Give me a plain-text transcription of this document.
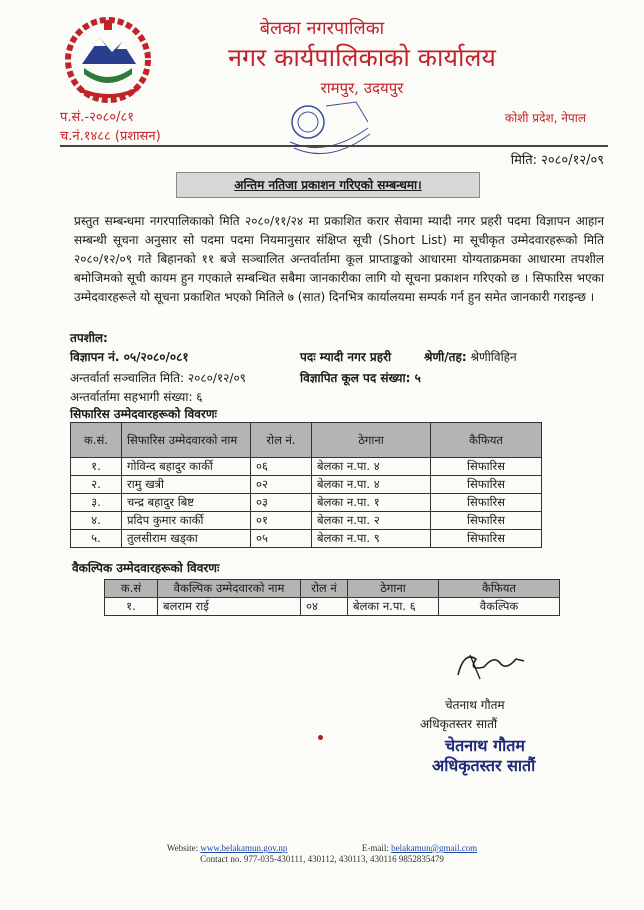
बेलका नगरपालिका
नगर कार्यपालिकाको कार्यालय
रामपुर, उदयपुर
प.सं.-२०८०/८१
च.नं.१४८८ (प्रशासन)
कोशी प्रदेश, नेपाल
मिति: २०८०/१२/०९
अन्तिम नतिजा प्रकाशन गरिएको सम्बन्धमा।
प्रस्तुत सम्बन्धमा नगरपालिकाको मिति २०८०/११/२४ मा प्रकाशित करार सेवामा म्यादी नगर प्रहरी पदमा विज्ञापन आहान सम्बन्धी सूचना अनुसार सो पदमा पदमा नियमानुसार संक्षिप्त सूची (Short List) मा सूचीकृत उम्मेदवारहरूको मिति २०८०/१२/०९ गते बिहानको ११ बजे सञ्चालित अन्तर्वार्तामा कूल प्राप्ताङ्कको आधारमा योग्यताक्रमका आधारमा तपशील बमोजिमको सूची कायम हुन गएकाले सम्बन्धित सबैमा जानकारीका लागि यो सूचना प्रकाशन गरिएको छ । सिफारिस भएका उम्मेदवारहरूले यो सूचना प्रकाशित भएको मितिले ७ (सात) दिनभित्र कार्यालयमा सम्पर्क गर्न हुन समेत जानकारी गराइन्छ ।
तपशील:
विज्ञापन नं. ०५/२०८०/०८१	पदः म्यादी नगर प्रहरी	श्रेणी/तह: श्रेणीविहिन
अन्तर्वार्ता सञ्चालित मिति: २०८०/१२/०९	विज्ञापित कूल पद संख्या: ५
अन्तर्वार्तामा सहभागी संख्या: ६
सिफारिस उम्मेदवारहरूको विवरणः
क.सं.	सिफारिस उम्मेदवारको नाम	रोल नं.	ठेगाना	कैफियत
१.	गोविन्द बहादुर कार्की	०६	बेलका न.पा. ४	सिफारिस
२.	रामु खत्री	०२	बेलका न.पा. ४	सिफारिस
३.	चन्द्र बहादुर बिष्ट	०३	बेलका न.पा. १	सिफारिस
४.	प्रदिप कुमार कार्की	०१	बेलका न.पा. २	सिफारिस
५.	तुलसीराम खड्का	०५	बेलका न.पा. ९	सिफारिस
वैकल्पिक उम्मेदवारहरूको विवरणः
क.सं	वैकल्पिक उम्मेदवारको नाम	रोल नं	ठेगाना	कैफियत
१.	बलराम राई	०४	बेलका न.पा. ६	वैकल्पिक
चेतनाथ गौतम
अधिकृतस्तर सातौं
चेतनाथ गौतम
अधिकृतस्तर सातौं
Website: www.belakamun.gov.np	E-mail: belakamun@gmail.com
Contact no. 977-035-430111, 430112, 430113, 430116 9852835479
